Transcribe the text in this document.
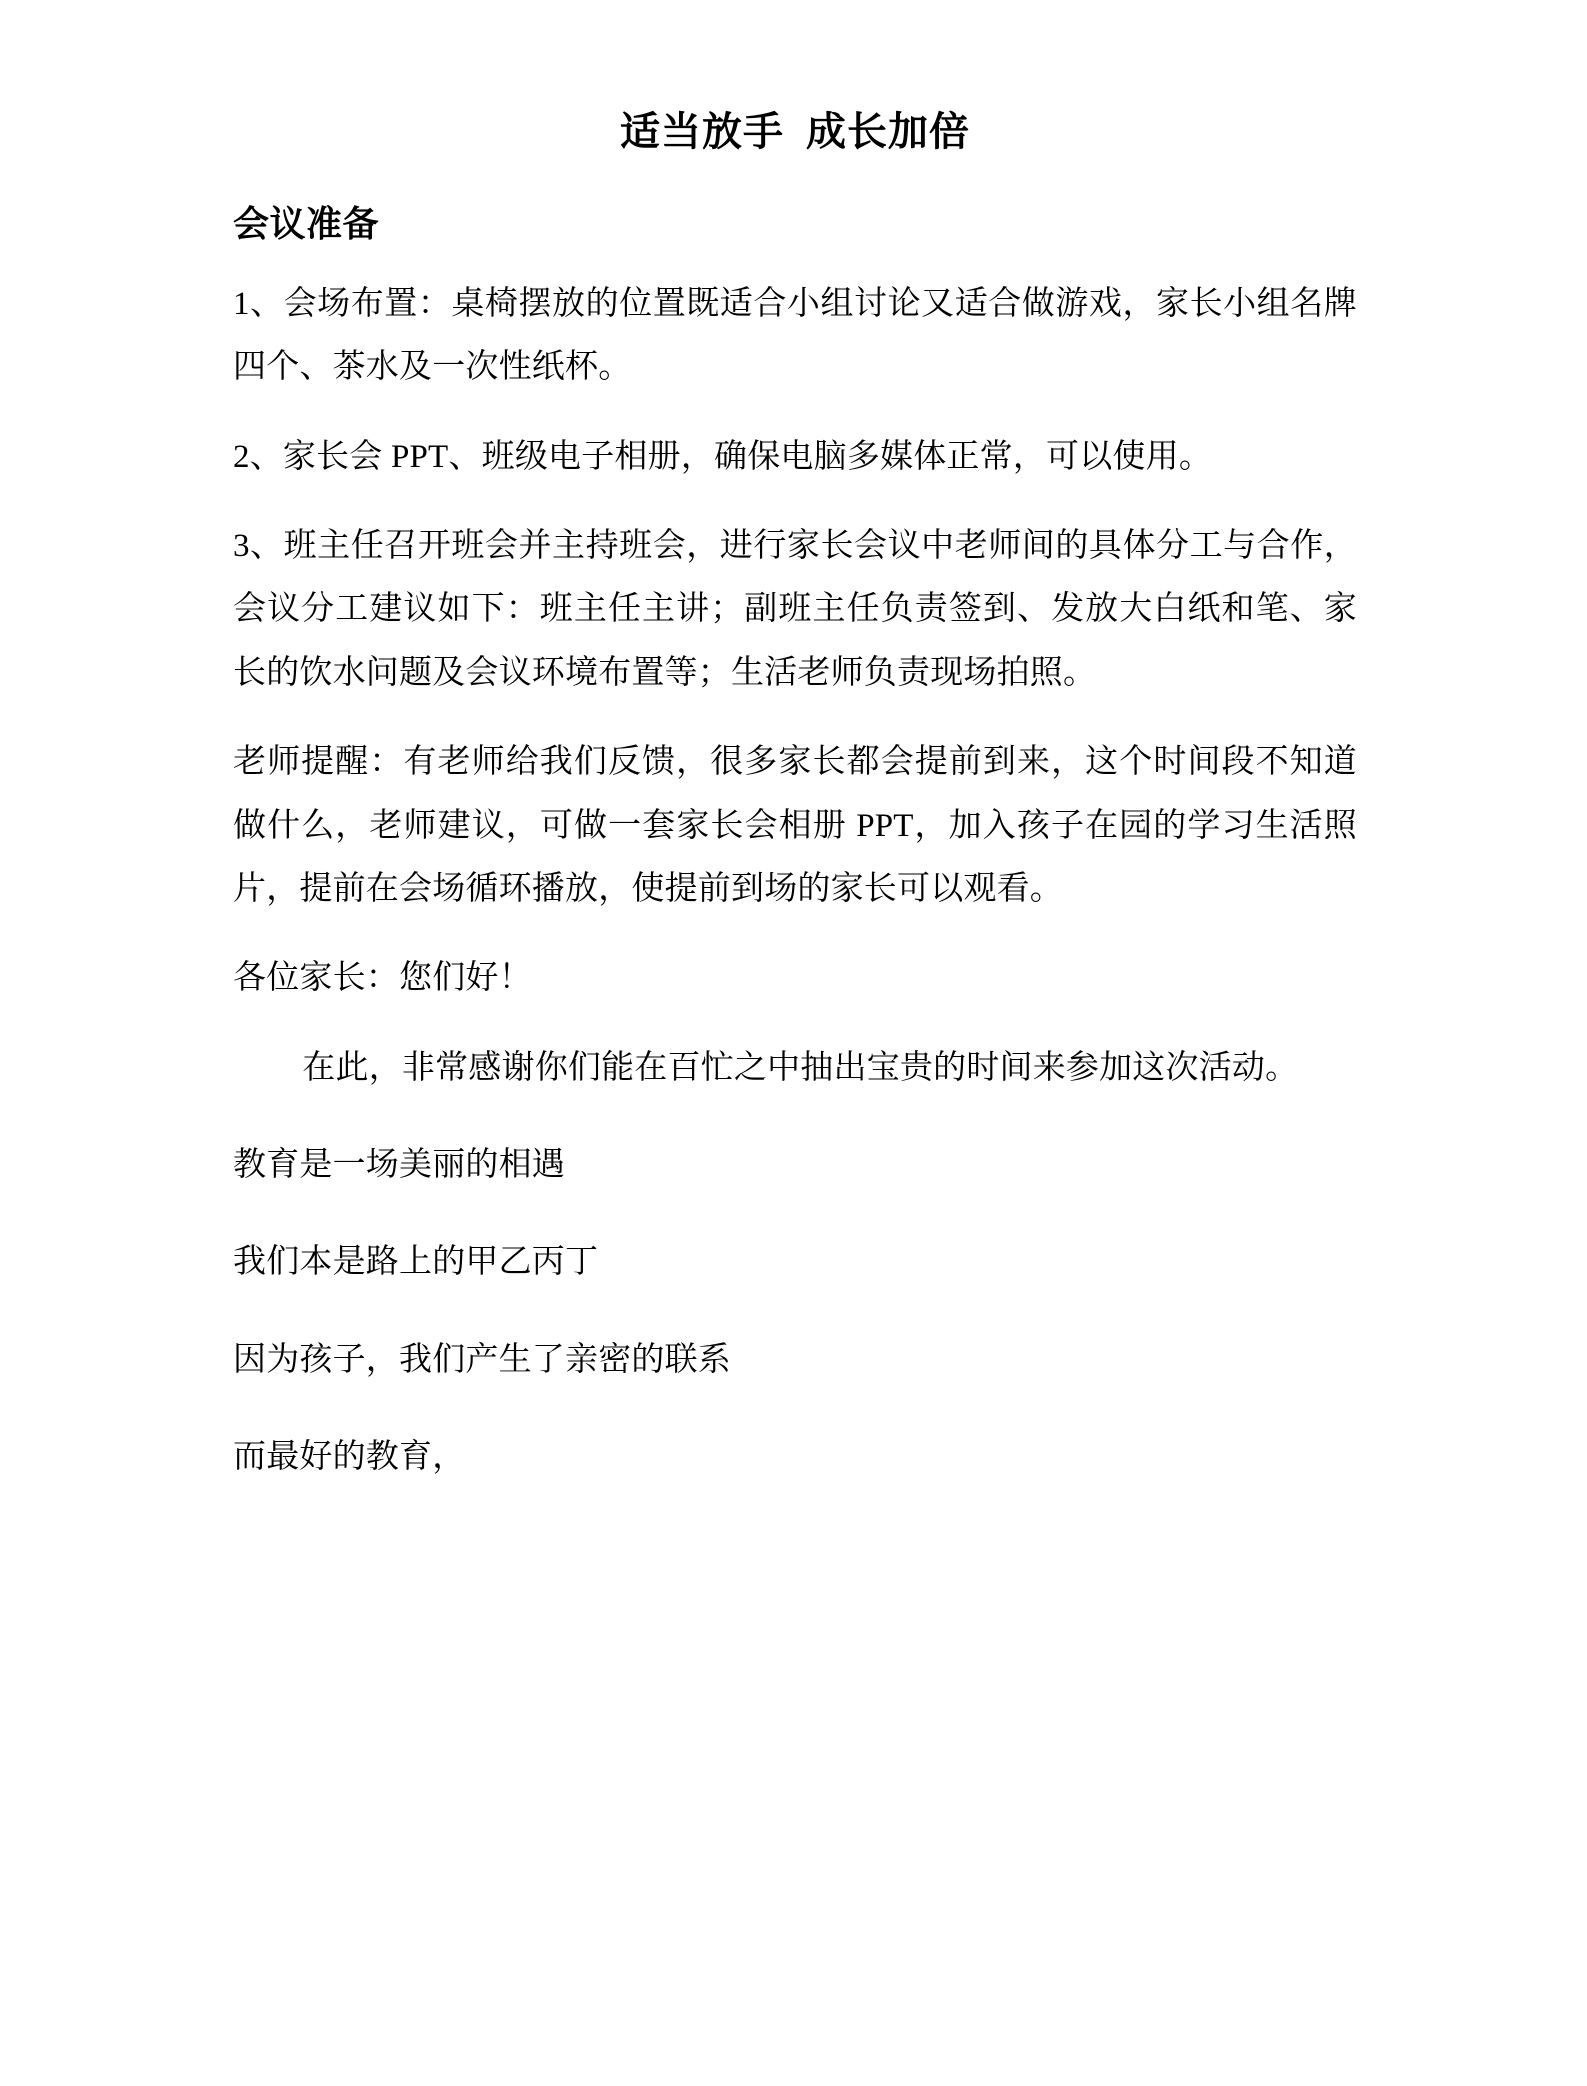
适当放手  成长加倍
会议准备

1、会场布置：桌椅摆放的位置既适合小组讨论又适合做游戏，家长小组名牌四个、茶水及一次性纸杯。

2、家长会 PPT、班级电子相册，确保电脑多媒体正常，可以使用。

3、班主任召开班会并主持班会，进行家长会议中老师间的具体分工与合作，会议分工建议如下：班主任主讲；副班主任负责签到、发放大白纸和笔、家长的饮水问题及会议环境布置等；生活老师负责现场拍照。

老师提醒：有老师给我们反馈，很多家长都会提前到来，这个时间段不知道做什么，老师建议，可做一套家长会相册 PPT，加入孩子在园的学习生活照片，提前在会场循环播放，使提前到场的家长可以观看。

各位家长：您们好！

在此，非常感谢你们能在百忙之中抽出宝贵的时间来参加这次活动。

教育是一场美丽的相遇

我们本是路上的甲乙丙丁

因为孩子，我们产生了亲密的联系

而最好的教育，
